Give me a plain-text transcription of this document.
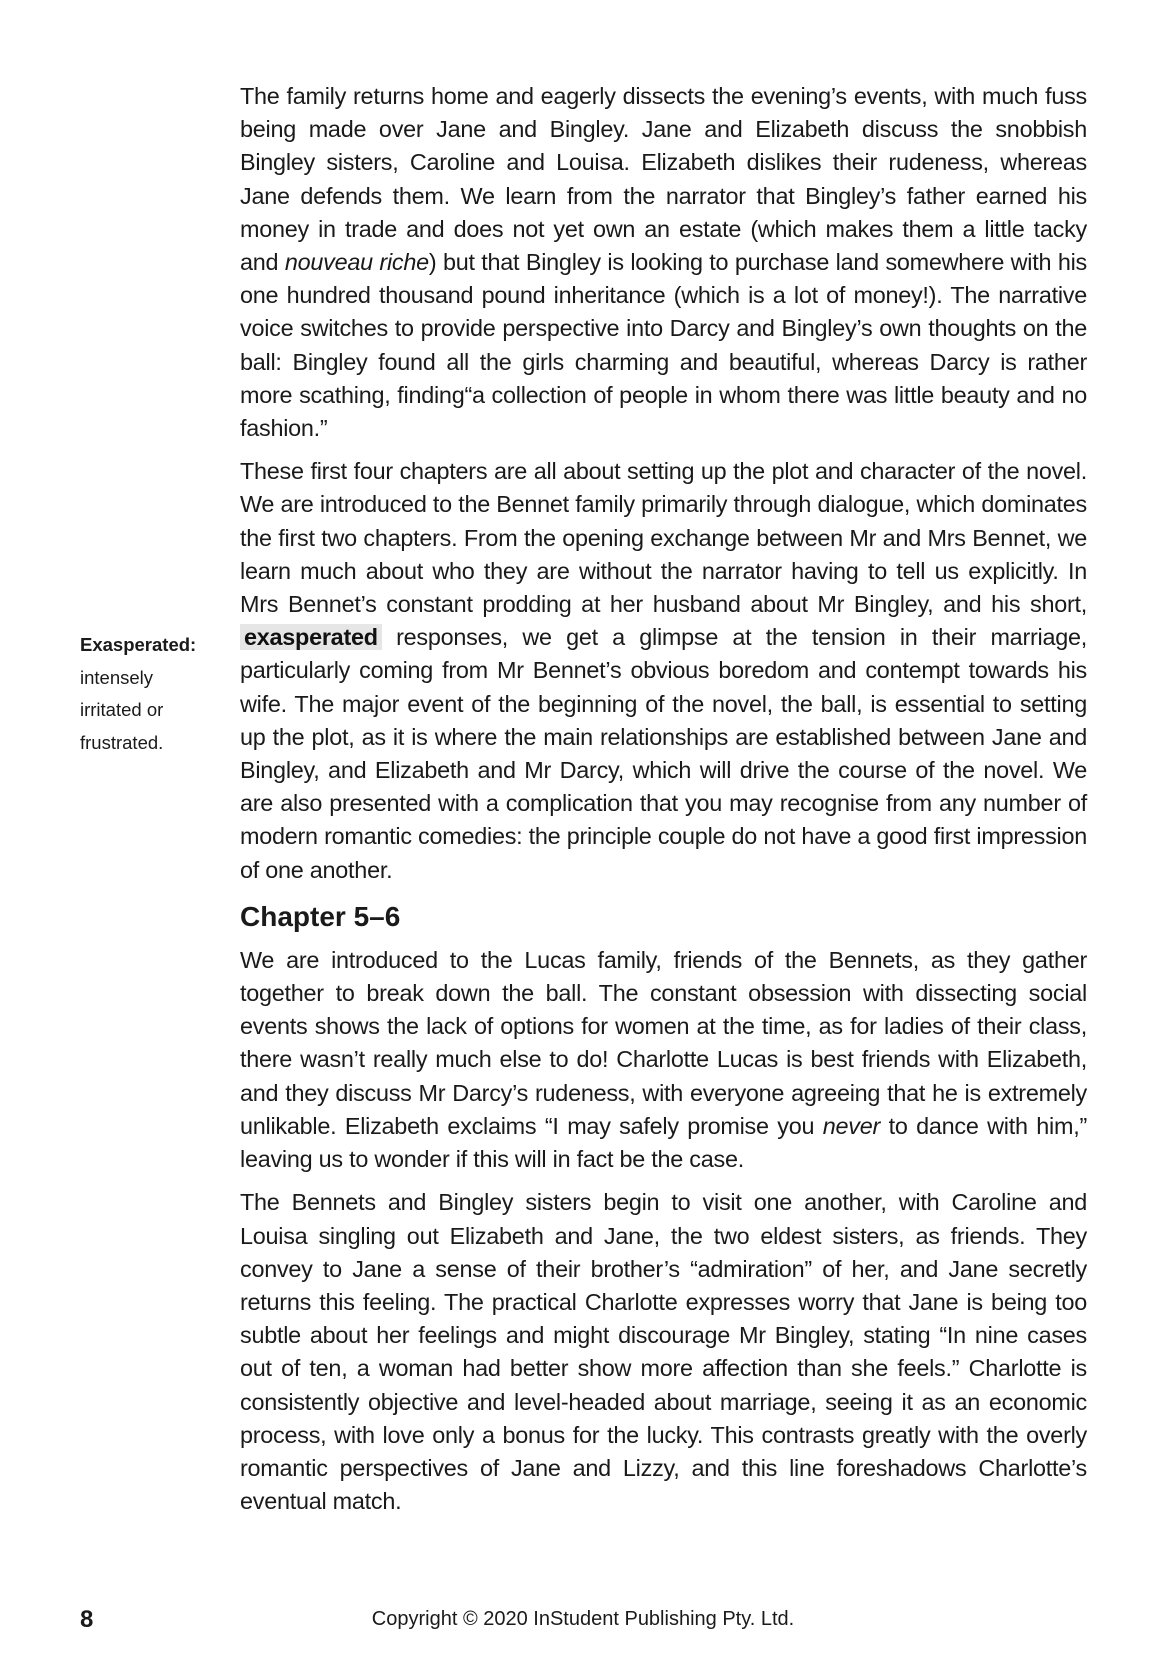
The family returns home and eagerly dissects the evening’s events, with much fuss being made over Jane and Bingley. Jane and Elizabeth discuss the snobbish Bingley sisters, Caroline and Louisa. Elizabeth dislikes their rudeness, whereas Jane defends them. We learn from the narrator that Bingley’s father earned his money in trade and does not yet own an estate (which makes them a little tacky and nouveau riche) but that Bingley is looking to purchase land somewhere with his one hundred thousand pound inheritance (which is a lot of money!). The narrative voice switches to provide perspective into Darcy and Bingley’s own thoughts on the ball: Bingley found all the girls charming and beautiful, whereas Darcy is rather more scathing, finding“a collection of people in whom there was little beauty and no fashion.”

These first four chapters are all about setting up the plot and character of the novel. We are introduced to the Bennet family primarily through dialogue, which dominates the first two chapters. From the opening exchange between Mr and Mrs Bennet, we learn much about who they are without the narrator having to tell us explicitly. In Mrs Bennet’s constant prodding at her husband about Mr Bingley, and his short, exasperated responses, we get a glimpse at the tension in their marriage, particularly coming from Mr Bennet’s obvious boredom and contempt towards his wife. The major event of the beginning of the novel, the ball, is essential to setting up the plot, as it is where the main relationships are established between Jane and Bingley, and Elizabeth and Mr Darcy, which will drive the course of the novel. We are also presented with a complication that you may recognise from any number of modern romantic comedies: the principle couple do not have a good first impression of one another.

Chapter 5–6

We are introduced to the Lucas family, friends of the Bennets, as they gather together to break down the ball. The constant obsession with dissecting social events shows the lack of options for women at the time, as for ladies of their class, there wasn’t really much else to do! Charlotte Lucas is best friends with Elizabeth, and they discuss Mr Darcy’s rudeness, with everyone agreeing that he is extremely unlikable. Elizabeth exclaims “I may safely promise you never to dance with him,” leaving us to wonder if this will in fact be the case.

The Bennets and Bingley sisters begin to visit one another, with Caroline and Louisa singling out Elizabeth and Jane, the two eldest sisters, as friends. They convey to Jane a sense of their brother’s “admiration” of her, and Jane secretly returns this feeling. The practical Charlotte expresses worry that Jane is being too subtle about her feelings and might discourage Mr Bingley, stating “In nine cases out of ten, a woman had better show more affection than she feels.” Charlotte is consistently objective and level-headed about marriage, seeing it as an economic process, with love only a bonus for the lucky. This contrasts greatly with the overly romantic perspectives of Jane and Lizzy, and this line foreshadows Charlotte’s eventual match.

Exasperated:
intensely irritated or frustrated.
8	Copyright © 2020 InStudent Publishing Pty. Ltd.
